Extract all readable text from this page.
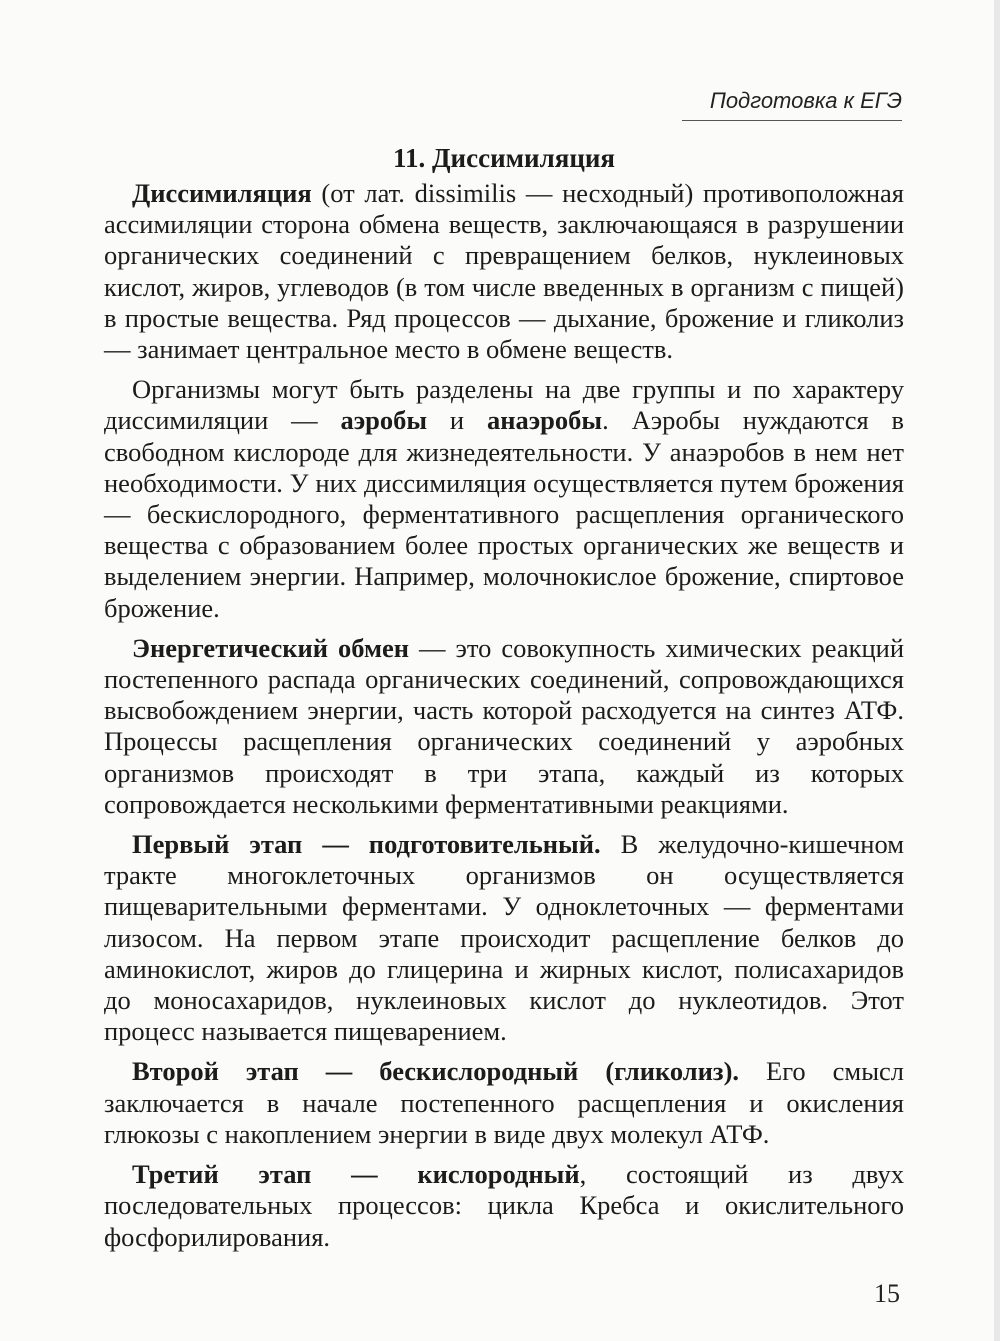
Подготовка к ЕГЭ
11. Диссимиляция

Диссимиляция (от лат. dissimilis — несходный) противоположная ассимиляции сторона обмена веществ, заключающаяся в разрушении органических соединений с превращением белков, нуклеиновых кислот, жиров, углеводов (в том числе введенных в организм с пищей) в простые вещества. Ряд процессов — дыхание, брожение и гликолиз — занимает центральное место в обмене веществ.

Организмы могут быть разделены на две группы и по характеру диссимиляции — аэробы и анаэробы. Аэробы нуждаются в свободном кислороде для жизнедеятельности. У анаэробов в нем нет необходимости. У них диссимиляция осуществляется путем брожения — бескислородного, ферментативного расщепления органического вещества с образованием более простых органических же веществ и выделением энергии. Например, молочнокислое брожение, спиртовое брожение.

Энергетический обмен — это совокупность химических реакций постепенного распада органических соединений, сопровождающихся высвобождением энергии, часть которой расходуется на синтез АТФ. Процессы расщепления органических соединений у аэробных организмов происходят в три этапа, каждый из которых сопровождается несколькими ферментативными реакциями.

Первый этап — подготовительный. В желудочно-кишечном тракте многоклеточных организмов он осуществляется пищеварительными ферментами. У одноклеточных — ферментами лизосом. На первом этапе происходит расщепление белков до аминокислот, жиров до глицерина и жирных кислот, полисахаридов до моносахаридов, нуклеиновых кислот до нуклеотидов. Этот процесс называется пищеварением.

Второй этап — бескислородный (гликолиз). Его смысл заключается в начале постепенного расщепления и окисления глюкозы с накоплением энергии в виде двух молекул АТФ.

Третий этап — кислородный, состоящий из двух последовательных процессов: цикла Кребса и окислительного фосфорилирования.

15
